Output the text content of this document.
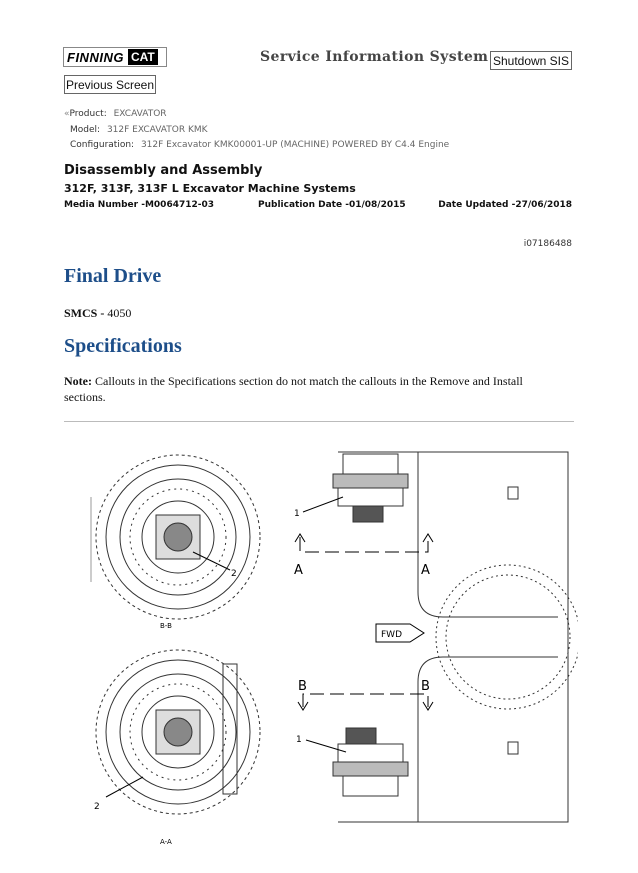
FINNING CAT	Service Information System Shutdown SIS
Previous Screen
«Product: EXCAVATOR
Model: 312F EXCAVATOR KMK
Configuration: 312F Excavator KMK00001-UP (MACHINE) POWERED BY C4.4 Engine
Disassembly and Assembly
312F, 313F, 313F L Excavator Machine Systems
Media Number -M0064712-03	Publication Date -01/08/2015	Date Updated -27/06/2018
i07186488
Final Drive
SMCS - 4050
Specifications
Note: Callouts in the Specifications section do not match the callouts in the Remove and Install sections.
2
B-B
2
A-A
1
1
A	A
FWD
B	B
